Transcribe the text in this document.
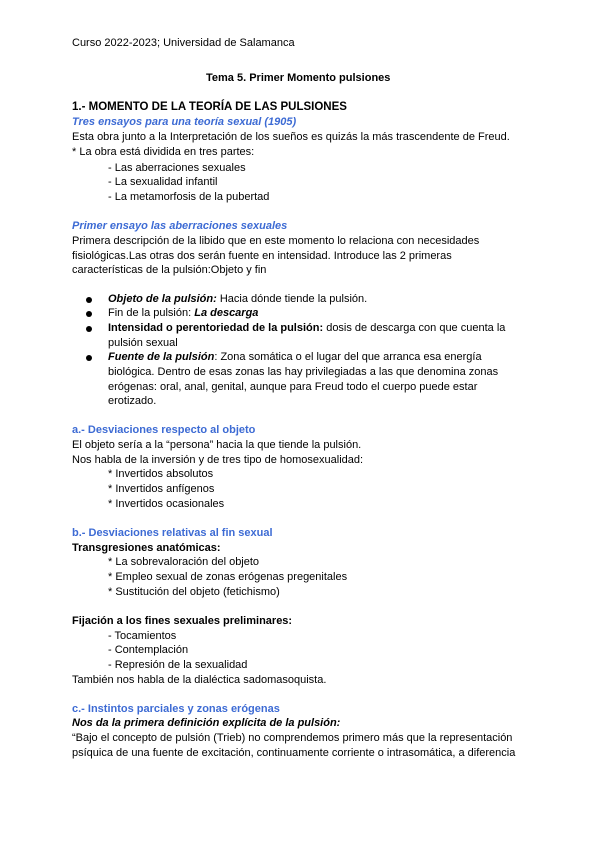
Curso 2022-2023; Universidad de Salamanca
Tema 5. Primer Momento pulsiones
1.- MOMENTO DE LA TEORÍA DE LAS PULSIONES
Tres ensayos para una teoría sexual (1905)
Esta obra junto a la Interpretación de los sueños es quizás la más trascendente de Freud.
* La obra está dividida en tres partes:
- Las aberraciones sexuales
- La sexualidad infantil
- La metamorfosis de la pubertad
Primer ensayo las aberraciones sexuales
Primera descripción de la libido que en este momento lo relaciona con necesidades
fisiológicas.Las otras dos serán fuente en intensidad. Introduce las 2 primeras
características de la pulsión:Objeto y fin
Objeto de la pulsión: Hacia dónde tiende la pulsión.
Fin de la pulsión: La descarga
Intensidad o perentoriedad de la pulsión: dosis de descarga con que cuenta la
pulsión sexual
Fuente de la pulsión: Zona somática o el lugar del que arranca esa energía
biológica. Dentro de esas zonas las hay privilegiadas a las que denomina zonas
erógenas: oral, anal, genital, aunque para Freud todo el cuerpo puede estar
erotizado.
a.- Desviaciones respecto al objeto
El objeto sería a la “persona” hacia la que tiende la pulsión.
Nos habla de la inversión y de tres tipo de homosexualidad:
* Invertidos absolutos
* Invertidos anfígenos
* Invertidos ocasionales
b.- Desviaciones relativas al fin sexual
Transgresiones anatómicas:
* La sobrevaloración del objeto
* Empleo sexual de zonas erógenas pregenitales
* Sustitución del objeto (fetichismo)
Fijación a los fines sexuales preliminares:
- Tocamientos
- Contemplación
- Represión de la sexualidad
También nos habla de la dialéctica sadomasoquista.
c.- Instintos parciales y zonas erógenas
Nos da la primera definición explícita de la pulsión:
“Bajo el concepto de pulsión (Trieb) no comprendemos primero más que la representación
psíquica de una fuente de excitación, continuamente corriente o intrasomática, a diferencia
